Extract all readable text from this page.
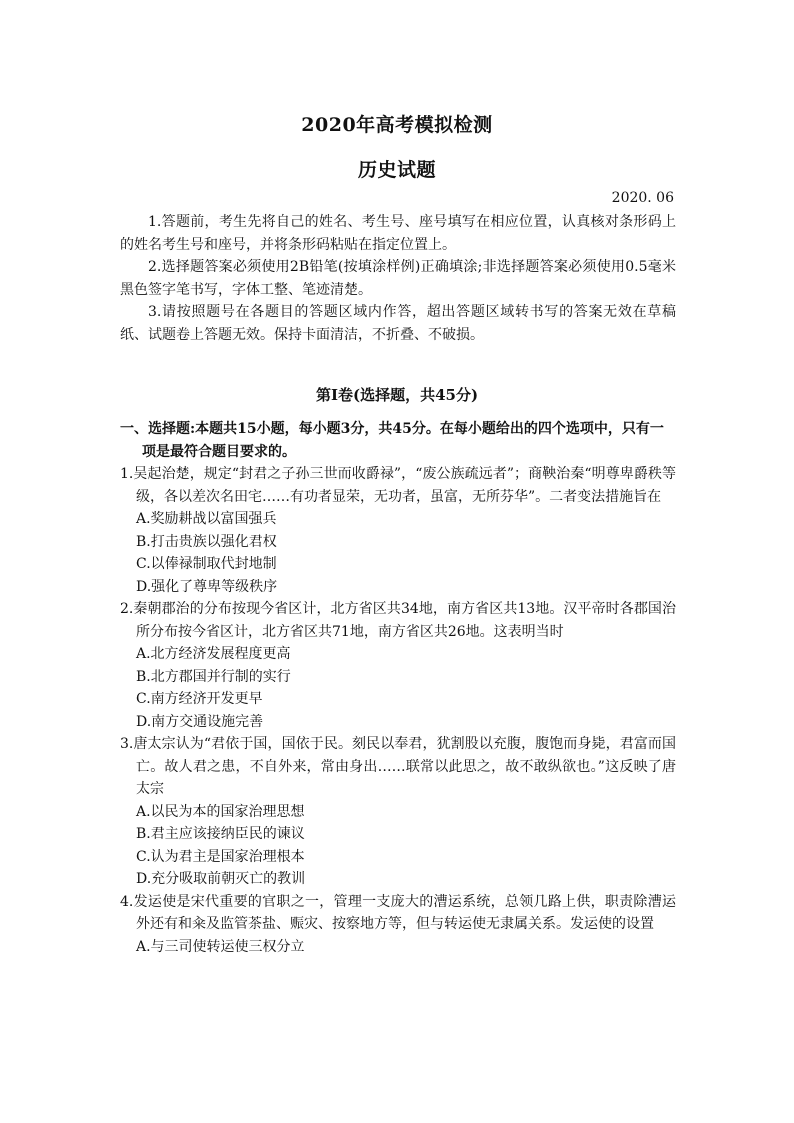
2020年高考模拟检测
历史试题
2020. 06

1.答题前，考生先将自己的姓名、考生号、座号填写在相应位置，认真核对条形码上的姓名考生号和座号，并将条形码粘贴在指定位置上。

2.选择题答案必须使用2B铅笔(按填涂样例)正确填涂;非选择题答案必须使用0.5毫米黑色签字笔书写，字体工整、笔迹清楚。

3.请按照题号在各题目的答题区域内作答，超出答题区域转书写的答案无效在草稿纸、试题卷上答题无效。保持卡面清洁，不折叠、不破损。

第Ⅰ卷(选择题，共45分)

一、选择题:本题共15小题，每小题3分，共45分。在每小题给出的四个选项中，只有一项是最符合题目要求的。

1.吴起治楚，规定“封君之子孙三世而收爵禄”，“废公族疏远者”；商鞅治秦“明尊卑爵秩等级，各以差次名田宅……有功者显荣，无功者，虽富，无所芬华”。二者变法措施旨在

A.奖励耕战以富国强兵

B.打击贵族以强化君权

C.以俸禄制取代封地制

D.强化了尊卑等级秩序

2.秦朝郡治的分布按现今省区计，北方省区共34地，南方省区共13地。汉平帝时各郡国治所分布按今省区计，北方省区共71地，南方省区共26地。这表明当时

A.北方经济发展程度更高

B.北方郡国并行制的实行

C.南方经济开发更早

D.南方交通设施完善

3.唐太宗认为“君依于国，国依于民。刻民以奉君，犹割股以充腹，腹饱而身毙，君富而国亡。故人君之患，不自外来，常由身出……联常以此思之，故不敢纵欲也。”这反映了唐太宗

A.以民为本的国家治理思想

B.君主应该接纳臣民的谏议

C.认为君主是国家治理根本

D.充分吸取前朝灭亡的教训

4.发运使是宋代重要的官职之一，管理一支庞大的漕运系统，总领几路上供，职责除漕运外还有和籴及监管茶盐、赈灾、按察地方等，但与转运使无隶属关系。发运使的设置

A.与三司使转运使三权分立
